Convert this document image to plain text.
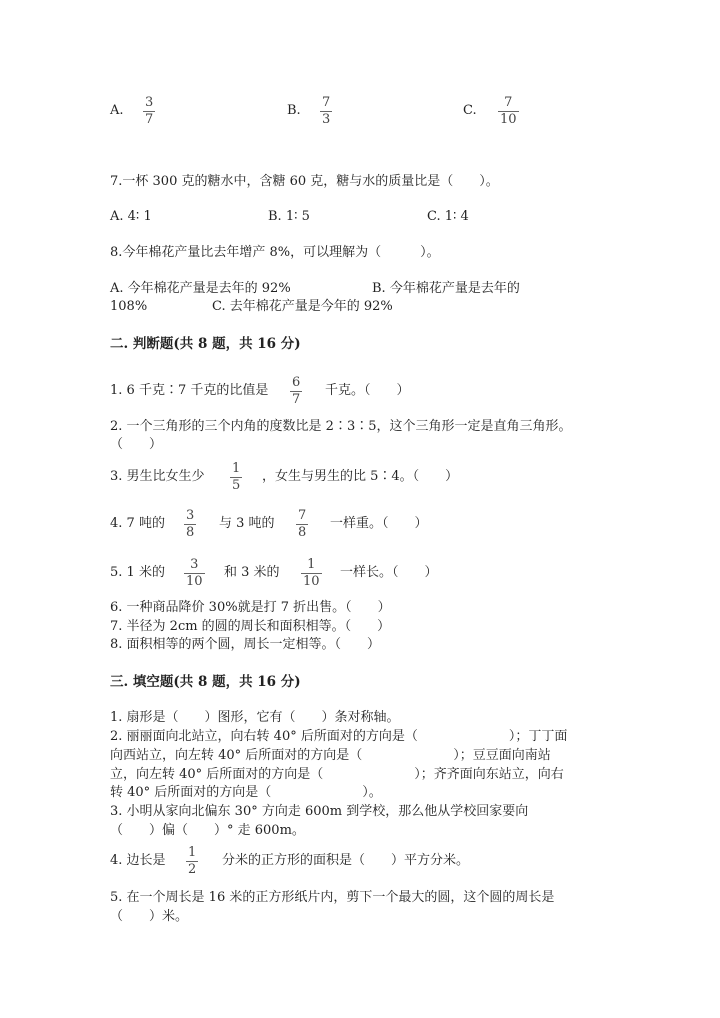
A.
3
7
B.
7
3
C.
7
10
7.一杯 300 克的糖水中，含糖 60 克，糖与水的质量比是（　　）。
A. 4∶ 1	B. 1∶ 5	C. 1∶ 4
8.今年棉花产量比去年增产 8%，可以理解为（　　　）。
A. 今年棉花产量是去年的 92%	B. 今年棉花产量是去年的
108%	C. 去年棉花产量是今年的 92%
二. 判断题(共 8 题，共 16 分)
1. 6 千克∶7 千克的比值是
6
7
千克。（　　）
2. 一个三角形的三个内角的度数比是 2∶3∶5，这个三角形一定是直角三角形。
（　　）
3. 男生比女生少
1
5
，女生与男生的比 5∶4。（　　）
4. 7 吨的
3
8
与 3 吨的
7
8
一样重。（　　）
5. 1 米的
3
10
和 3 米的
1
10
一样长。（　　）
6. 一种商品降价 30%就是打 7 折出售。（　　）
7. 半径为 2cm 的圆的周长和面积相等。（　　）
8. 面积相等的两个圆，周长一定相等。（　　）
三. 填空题(共 8 题，共 16 分)
1. 扇形是（　　）图形，它有（　　）条对称轴。
2. 丽丽面向北站立，向右转 40° 后所面对的方向是（　　　　　　　）；丁丁面
向西站立，向左转 40° 后所面对的方向是（　　　　　　　）；豆豆面向南站
立，向左转 40° 后所面对的方向是（　　　　　　　）；齐齐面向东站立，向右
转 40° 后所面对的方向是（　　　　　　　）。
3. 小明从家向北偏东 30° 方向走 600m 到学校，那么他从学校回家要向
（　　）偏（　　）° 走 600m。
4. 边长是
1
2
分米的正方形的面积是（　　）平方分米。
5. 在一个周长是 16 米的正方形纸片内，剪下一个最大的圆，这个圆的周长是
（　　）米。
